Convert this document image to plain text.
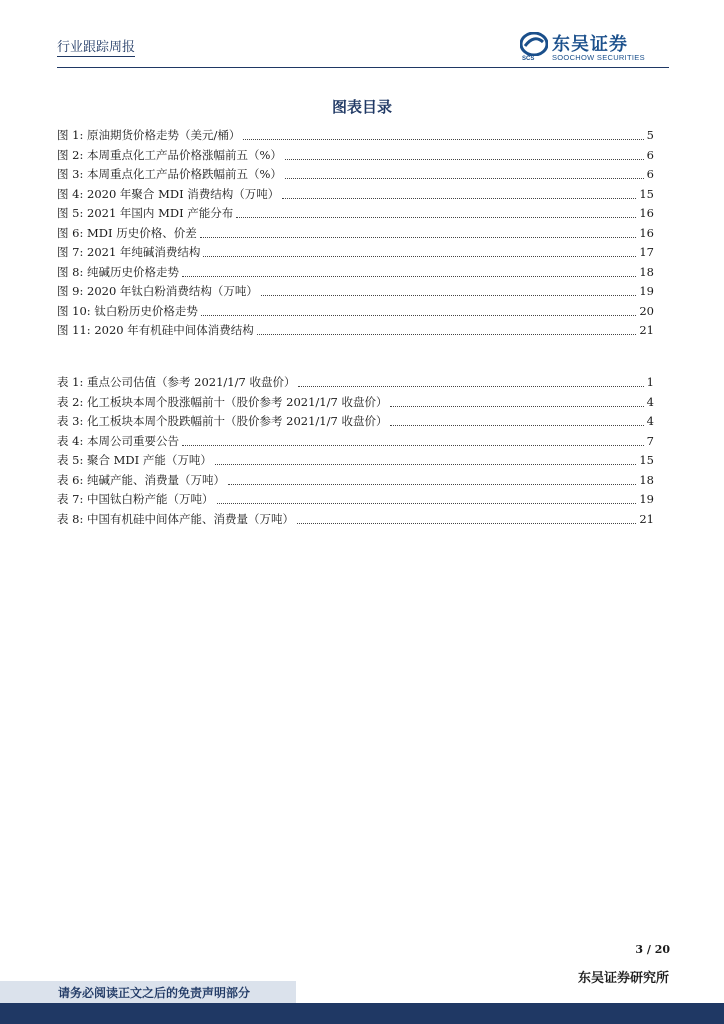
行业跟踪周报
SCS
东吴证券
SOOCHOW SECURITIES
图表目录
图 1: 原油期货价格走势（美元/桶）	5
图 2: 本周重点化工产品价格涨幅前五（%）	6
图 3: 本周重点化工产品价格跌幅前五（%）	6
图 4: 2020 年聚合 MDI 消费结构（万吨）	15
图 5: 2021 年国内 MDI 产能分布	16
图 6: MDI 历史价格、价差	16
图 7: 2021 年纯碱消费结构	17
图 8: 纯碱历史价格走势	18
图 9: 2020 年钛白粉消费结构（万吨）	19
图 10: 钛白粉历史价格走势	20
图 11: 2020 年有机硅中间体消费结构	21
表 1: 重点公司估值（参考 2021/1/7 收盘价）	1
表 2: 化工板块本周个股涨幅前十（股价参考 2021/1/7 收盘价）	4
表 3: 化工板块本周个股跌幅前十（股价参考 2021/1/7 收盘价）	4
表 4: 本周公司重要公告	7
表 5: 聚合 MDI 产能（万吨）	15
表 6: 纯碱产能、消费量（万吨）	18
表 7: 中国钛白粉产能（万吨）	19
表 8: 中国有机硅中间体产能、消费量（万吨）	21
3 / 20
东吴证券研究所
请务必阅读正文之后的免责声明部分
